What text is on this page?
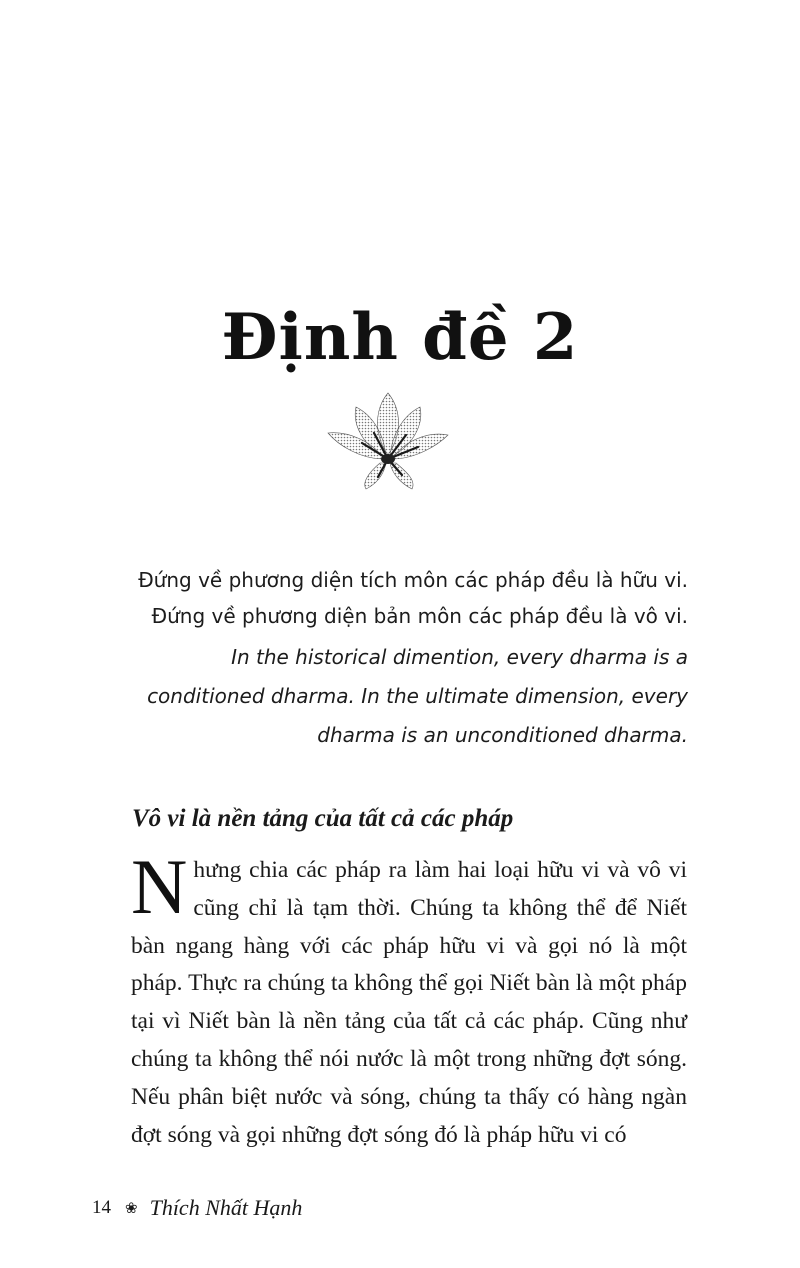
Định đề 2
Đứng về phương diện tích môn các pháp đều là hữu vi. Đứng về phương diện bản môn các pháp đều là vô vi.
In the historical dimention, every dharma is a conditioned dharma. In the ultimate dimension, every dharma is an unconditioned dharma.
Vô vi là nền tảng của tất cả các pháp
N hưng chia các pháp ra làm hai loại hữu vi và vô vi cũng chỉ là tạm thời. Chúng ta không thể để Niết bàn ngang hàng với các pháp hữu vi và gọi nó là một pháp. Thực ra chúng ta không thể gọi Niết bàn là một pháp tại vì Niết bàn là nền tảng của tất cả các pháp. Cũng như chúng ta không thể nói nước là một trong những đợt sóng. Nếu phân biệt nước và sóng, chúng ta thấy có hàng ngàn đợt sóng và gọi những đợt sóng đó là pháp hữu vi có
14 ❀ Thích Nhất Hạnh
